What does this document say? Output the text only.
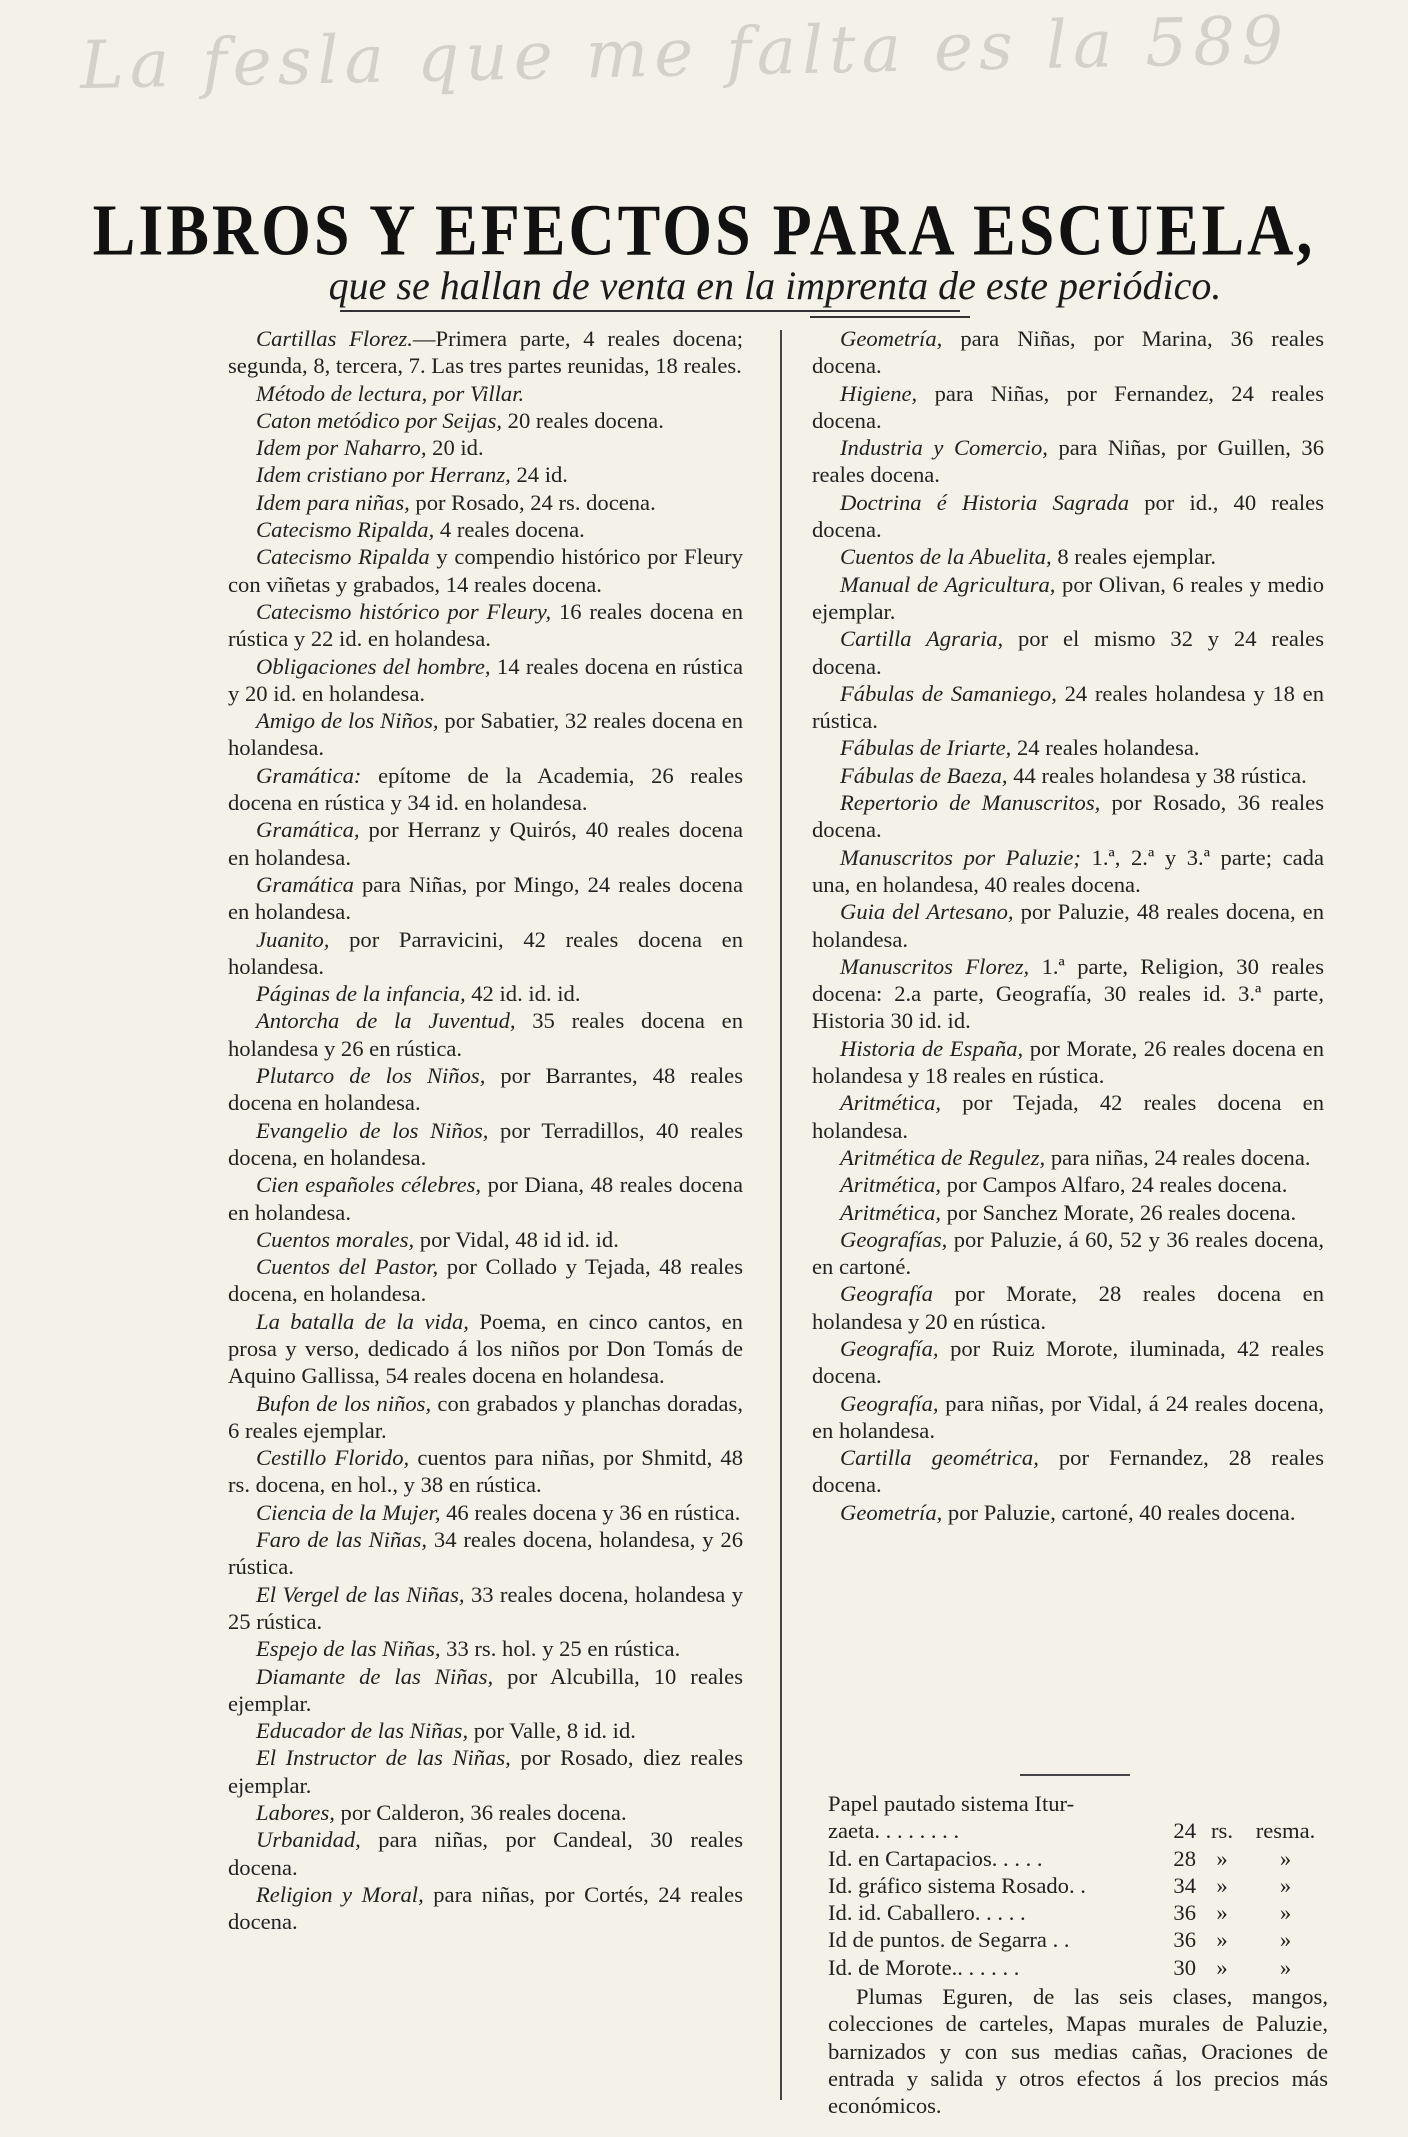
La fesla que me falta es la 589
LIBROS Y EFECTOS PARA ESCUELA,
que se hallan de venta en la imprenta de este periódico.

Cartillas Florez.—Primera parte, 4 reales docena; segunda, 8, tercera, 7. Las tres partes reunidas, 18 reales.

Método de lectura, por Villar.

Caton metódico por Seijas, 20 reales docena.

Idem por Naharro, 20 id.

Idem cristiano por Herranz, 24 id.

Idem para niñas, por Rosado, 24 rs. docena.

Catecismo Ripalda, 4 reales docena.

Catecismo Ripalda y compendio histórico por Fleury con viñetas y grabados, 14 reales docena.

Catecismo histórico por Fleury, 16 reales docena en rústica y 22 id. en holandesa.

Obligaciones del hombre, 14 reales docena en rústica y 20 id. en holandesa.

Amigo de los Niños, por Sabatier, 32 reales docena en holandesa.

Gramática: epítome de la Academia, 26 reales docena en rústica y 34 id. en holandesa.

Gramática, por Herranz y Quirós, 40 reales docena en holandesa.

Gramática para Niñas, por Mingo, 24 reales docena en holandesa.

Juanito, por Parravicini, 42 reales docena en holandesa.

Páginas de la infancia, 42 id. id. id.

Antorcha de la Juventud, 35 reales docena en holandesa y 26 en rústica.

Plutarco de los Niños, por Barrantes, 48 reales docena en holandesa.

Evangelio de los Niños, por Terradillos, 40 reales docena, en holandesa.

Cien españoles célebres, por Diana, 48 reales docena en holandesa.

Cuentos morales, por Vidal, 48 id id. id.

Cuentos del Pastor, por Collado y Tejada, 48 reales docena, en holandesa.

La batalla de la vida, Poema, en cinco cantos, en prosa y verso, dedicado á los niños por Don Tomás de Aquino Gallissa, 54 reales docena en holandesa.

Bufon de los niños, con grabados y planchas doradas, 6 reales ejemplar.

Cestillo Florido, cuentos para niñas, por Shmitd, 48 rs. docena, en hol., y 38 en rústica.

Ciencia de la Mujer, 46 reales docena y 36 en rústica.

Faro de las Niñas, 34 reales docena, holandesa, y 26 rústica.

El Vergel de las Niñas, 33 reales docena, holandesa y 25 rústica.

Espejo de las Niñas, 33 rs. hol. y 25 en rústica.

Diamante de las Niñas, por Alcubilla, 10 reales ejemplar.

Educador de las Niñas, por Valle, 8 id. id.

El Instructor de las Niñas, por Rosado, diez reales ejemplar.

Labores, por Calderon, 36 reales docena.

Urbanidad, para niñas, por Candeal, 30 reales docena.

Religion y Moral, para niñas, por Cortés, 24 reales docena.

Geometría, para Niñas, por Marina, 36 reales docena.

Higiene, para Niñas, por Fernandez, 24 reales docena.

Industria y Comercio, para Niñas, por Guillen, 36 reales docena.

Doctrina é Historia Sagrada por id., 40 reales docena.

Cuentos de la Abuelita, 8 reales ejemplar.

Manual de Agricultura, por Olivan, 6 reales y medio ejemplar.

Cartilla Agraria, por el mismo 32 y 24 reales docena.

Fábulas de Samaniego, 24 reales holandesa y 18 en rústica.

Fábulas de Iriarte, 24 reales holandesa.

Fábulas de Baeza, 44 reales holandesa y 38 rústica.

Repertorio de Manuscritos, por Rosado, 36 reales docena.

Manuscritos por Paluzie; 1.ª, 2.ª y 3.ª parte; cada una, en holandesa, 40 reales docena.

Guia del Artesano, por Paluzie, 48 reales docena, en holandesa.

Manuscritos Florez, 1.ª parte, Religion, 30 reales docena: 2.a parte, Geografía, 30 reales id. 3.ª parte, Historia 30 id. id.

Historia de España, por Morate, 26 reales docena en holandesa y 18 reales en rústica.

Aritmética, por Tejada, 42 reales docena en holandesa.

Aritmética de Regulez, para niñas, 24 reales docena.

Aritmética, por Campos Alfaro, 24 reales docena.

Aritmética, por Sanchez Morate, 26 reales docena.

Geografías, por Paluzie, á 60, 52 y 36 reales docena, en cartoné.

Geografía por Morate, 28 reales docena en holandesa y 20 en rústica.

Geografía, por Ruiz Morote, iluminada, 42 reales docena.

Geografía, para niñas, por Vidal, á 24 reales docena, en holandesa.

Cartilla geométrica, por Fernandez, 28 reales docena.

Geometría, por Paluzie, cartoné, 40 reales docena.

Papel pautado sistema Itur-
zaeta. . . . . . . .	24 rs.	resma.
Id. en Cartapacios. . . . .	28 »	»
Id. gráfico sistema Rosado. .	34 »	»
Id. id. Caballero. . . . .	36 »	»
Id de puntos. de Segarra . .	36 »	»
Id. de Morote.. . . . . .	30 »	»
Plumas Eguren, de las seis clases, mangos, colecciones de carteles, Mapas murales de Paluzie, barnizados y con sus medias cañas, Oraciones de entrada y salida y otros efectos á los precios más económicos.
